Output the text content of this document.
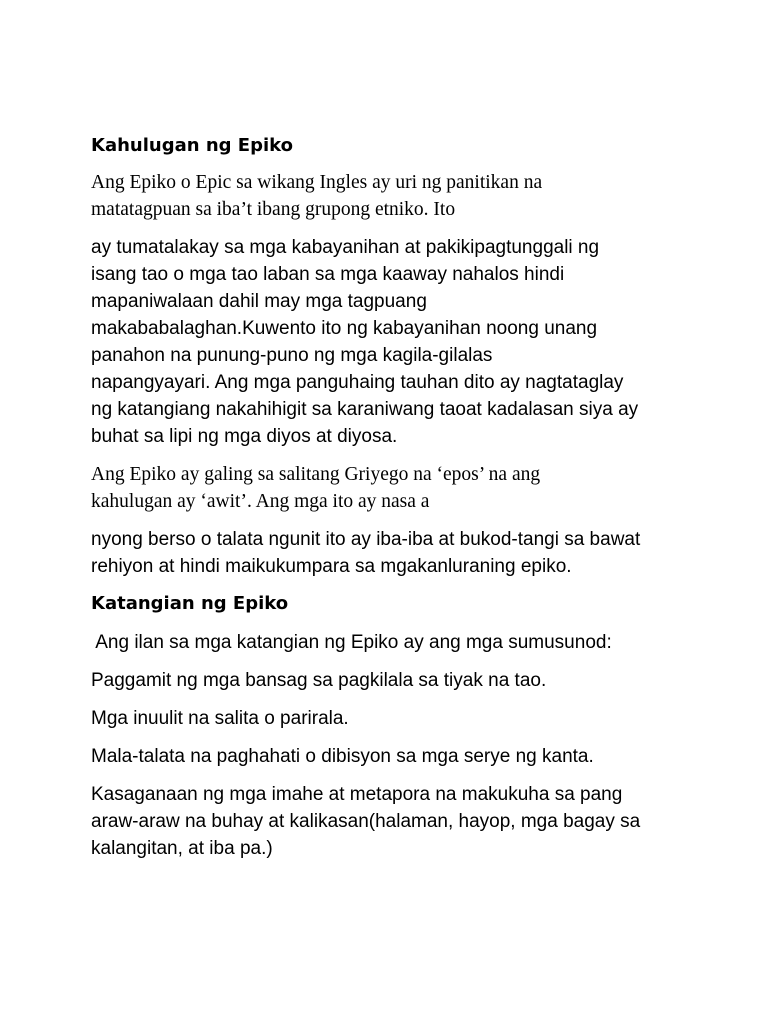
Kahulugan ng Epiko

Ang Epiko o Epic sa wikang Ingles ay uri ng panitikan na
matatagpuan sa iba’t ibang grupong etniko. Ito

ay tumatalakay sa mga kabayanihan at pakikipagtunggali ng
isang tao o mga tao laban sa mga kaaway nahalos hindi
mapaniwalaan dahil may mga tagpuang
makababalaghan.Kuwento ito ng kabayanihan noong unang
panahon na punung-puno ng mga kagila-gilalas
napangyayari. Ang mga panguhaing tauhan dito ay nagtataglay
ng katangiang nakahihigit sa karaniwang taoat kadalasan siya ay
buhat sa lipi ng mga diyos at diyosa.

Ang Epiko ay galing sa salitang Griyego na ‘epos’ na ang
kahulugan ay ‘awit’. Ang mga ito ay nasa a

nyong berso o talata ngunit ito ay iba-iba at bukod-tangi sa bawat
rehiyon at hindi maikukumpara sa mgakanluraning epiko.

Katangian ng Epiko

Ang ilan sa mga katangian ng Epiko ay ang mga sumusunod:

Paggamit ng mga bansag sa pagkilala sa tiyak na tao.

Mga inuulit na salita o parirala.

Mala-talata na paghahati o dibisyon sa mga serye ng kanta.

Kasaganaan ng mga imahe at metapora na makukuha sa pang
araw-araw na buhay at kalikasan(halaman, hayop, mga bagay sa
kalangitan, at iba pa.)
